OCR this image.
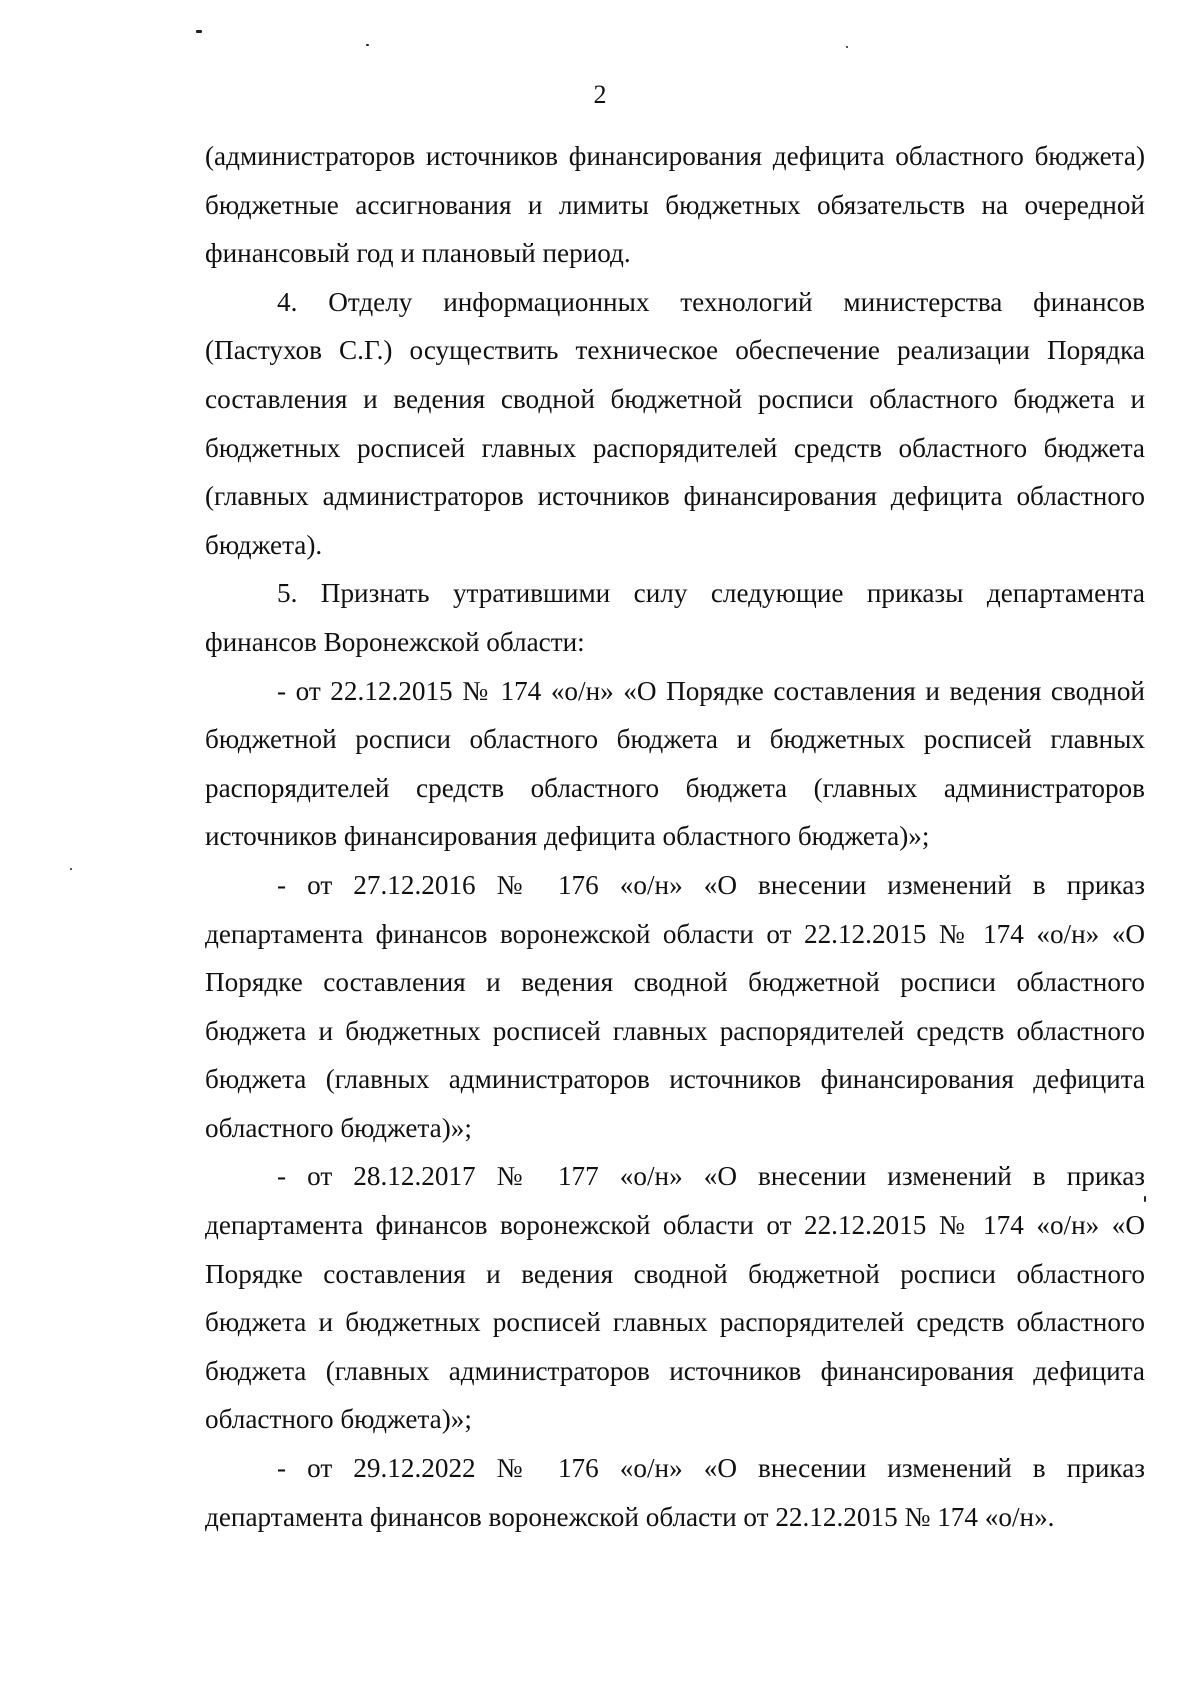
2

(администраторов источников финансирования дефицита областного бюджета) бюджетные ассигнования и лимиты бюджетных обязательств на очередной финансовый год и плановый период.

4. Отделу информационных технологий министерства финансов (Пастухов С.Г.) осуществить техническое обеспечение реализации Порядка составления и ведения сводной бюджетной росписи областного бюджета и бюджетных росписей главных распорядителей средств областного бюджета (главных администраторов источников финансирования дефицита областного бюджета).

5. Признать утратившими силу следующие приказы департамента финансов Воронежской области:

- от 22.12.2015 № 174 «о/н» «О Порядке составления и ведения сводной бюджетной росписи областного бюджета и бюджетных росписей главных распорядителей средств областного бюджета (главных администраторов источников финансирования дефицита областного бюджета)»;

- от 27.12.2016 № 176 «о/н» «О внесении изменений в приказ департамента финансов воронежской области от 22.12.2015 № 174 «о/н» «О Порядке составления и ведения сводной бюджетной росписи областного бюджета и бюджетных росписей главных распорядителей средств областного бюджета (главных администраторов источников финансирования дефицита областного бюджета)»;

- от 28.12.2017 № 177 «о/н» «О внесении изменений в приказ департамента финансов воронежской области от 22.12.2015 № 174 «о/н» «О Порядке составления и ведения сводной бюджетной росписи областного бюджета и бюджетных росписей главных распорядителей средств областного бюджета (главных администраторов источников финансирования дефицита областного бюджета)»;

- от 29.12.2022 № 176 «о/н» «О внесении изменений в приказ департамента финансов воронежской области от 22.12.2015 № 174 «о/н».
